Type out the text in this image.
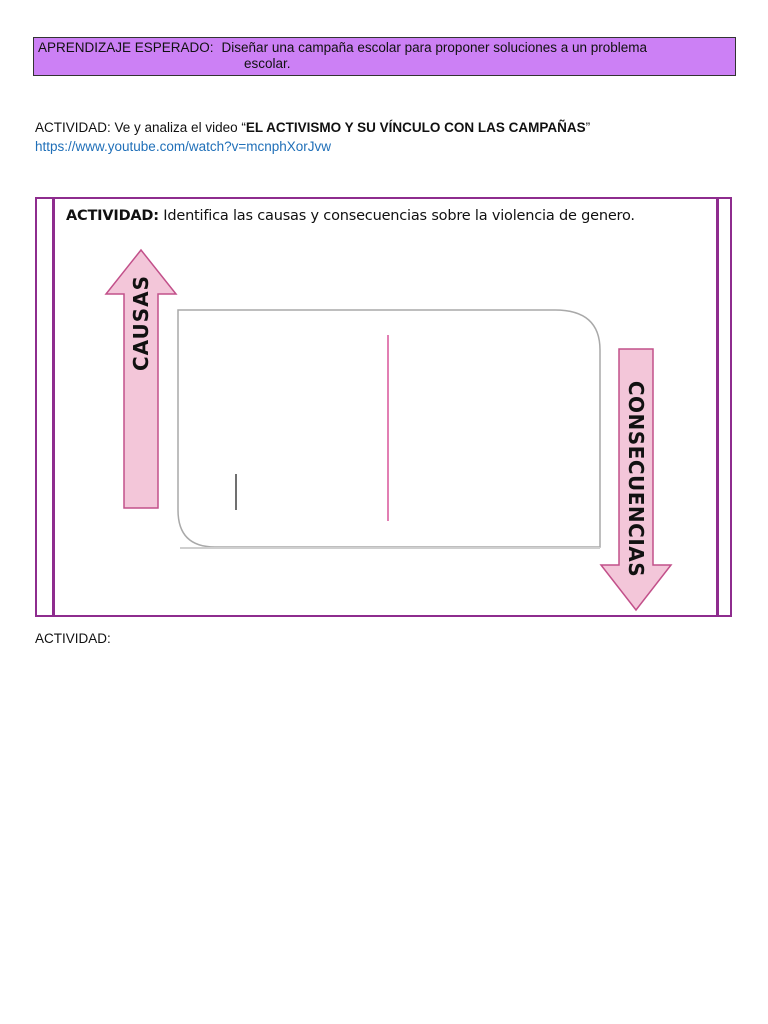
APRENDIZAJE ESPERADO: Diseñar una campaña escolar para proponer soluciones a un problema
escolar.
ACTIVIDAD: Ve y analiza el video “EL ACTIVISMO Y SU VÍNCULO CON LAS CAMPAÑAS”
https://www.youtube.com/watch?v=mcnphXorJvw
ACTIVIDAD: Identifica las causas y consecuencias sobre la violencia de genero.
CAUSAS
CONSECUENCIAS
ACTIVIDAD:
